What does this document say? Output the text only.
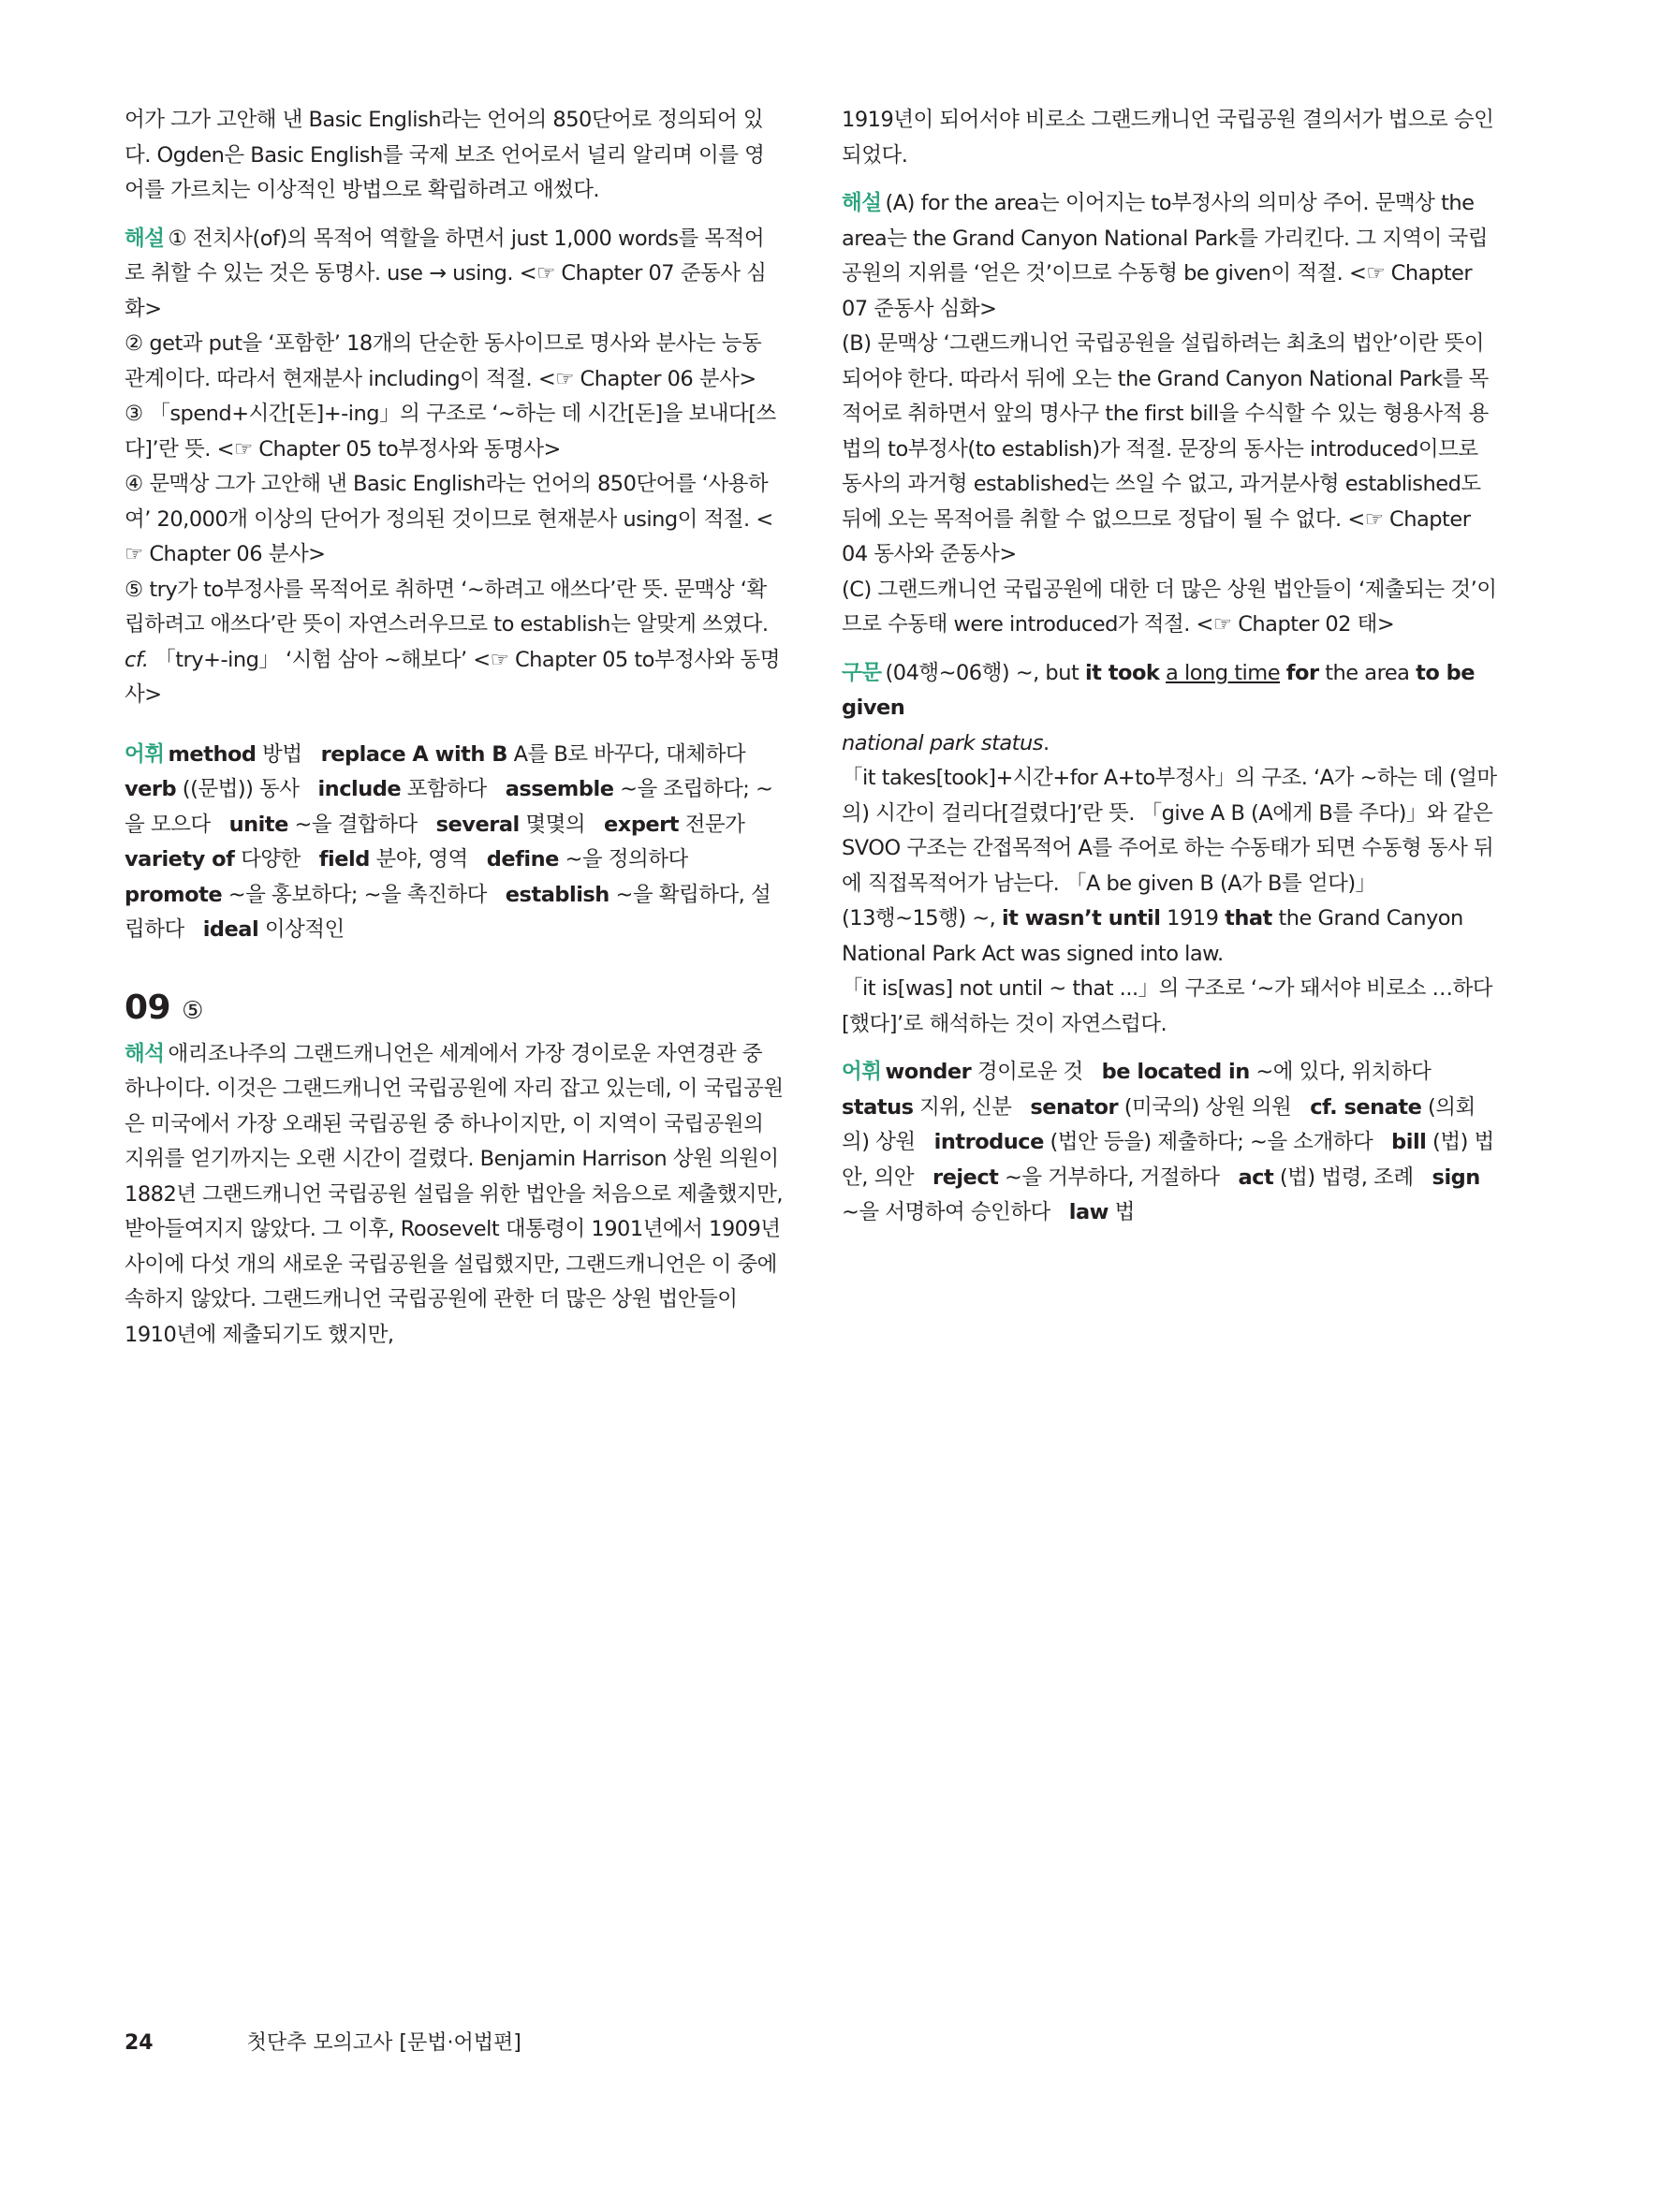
어가 그가 고안해 낸 Basic English라는 언어의 850단어로 정의되어 있다. Ogden은 Basic English를 국제 보조 언어로서 널리 알리며 이를 영어를 가르치는 이상적인 방법으로 확립하려고 애썼다.

해설 ① 전치사(of)의 목적어 역할을 하면서 just 1,000 words를 목적어로 취할 수 있는 것은 동명사. use → using. <☞ Chapter 07 준동사 심화>

② get과 put을 ‘포함한’ 18개의 단순한 동사이므로 명사와 분사는 능동 관계이다. 따라서 현재분사 including이 적절. <☞ Chapter 06 분사>

③ 「spend+시간[돈]+-ing」의 구조로 ‘~하는 데 시간[돈]을 보내다[쓰다]’란 뜻. <☞ Chapter 05 to부정사와 동명사>

④ 문맥상 그가 고안해 낸 Basic English라는 언어의 850단어를 ‘사용하여’ 20,000개 이상의 단어가 정의된 것이므로 현재분사 using이 적절. <☞ Chapter 06 분사>

⑤ try가 to부정사를 목적어로 취하면 ‘~하려고 애쓰다’란 뜻. 문맥상 ‘확립하려고 애쓰다’란 뜻이 자연스러우므로 to establish는 알맞게 쓰였다. cf. 「try+-ing」 ‘시험 삼아 ~해보다’ <☞ Chapter 05 to부정사와 동명사>

어휘 method 방법 replace A with B A를 B로 바꾸다, 대체하다   verb ((문법)) 동사 include 포함하다 assemble ~을 조립하다; ~을 모으다 unite ~을 결합하다 several 몇몇의 expert 전문가   variety of 다양한 field 분야, 영역 define ~을 정의하다   promote ~을 홍보하다; ~을 촉진하다 establish ~을 확립하다, 설립하다 ideal 이상적인

09 ⑤

해석 애리조나주의 그랜드캐니언은 세계에서 가장 경이로운 자연경관 중 하나이다. 이것은 그랜드캐니언 국립공원에 자리 잡고 있는데, 이 국립공원은 미국에서 가장 오래된 국립공원 중 하나이지만, 이 지역이 국립공원의 지위를 얻기까지는 오랜 시간이 걸렸다. Benjamin Harrison 상원 의원이 1882년 그랜드캐니언 국립공원 설립을 위한 법안을 처음으로 제출했지만, 받아들여지지 않았다. 그 이후, Roosevelt 대통령이 1901년에서 1909년 사이에 다섯 개의 새로운 국립공원을 설립했지만, 그랜드캐니언은 이 중에 속하지 않았다. 그랜드캐니언 국립공원에 관한 더 많은 상원 법안들이 1910년에 제출되기도 했지만,

1919년이 되어서야 비로소 그랜드캐니언 국립공원 결의서가 법으로 승인되었다.

해설 (A) for the area는 이어지는 to부정사의 의미상 주어. 문맥상 the area는 the Grand Canyon National Park를 가리킨다. 그 지역이 국립공원의 지위를 ‘얻은 것’이므로 수동형 be given이 적절. <☞ Chapter 07 준동사 심화>

(B) 문맥상 ‘그랜드캐니언 국립공원을 설립하려는 최초의 법안’이란 뜻이 되어야 한다. 따라서 뒤에 오는 the Grand Canyon National Park를 목적어로 취하면서 앞의 명사구 the first bill을 수식할 수 있는 형용사적 용법의 to부정사(to establish)가 적절. 문장의 동사는 introduced이므로 동사의 과거형 established는 쓰일 수 없고, 과거분사형 established도 뒤에 오는 목적어를 취할 수 없으므로 정답이 될 수 없다. <☞ Chapter 04 동사와 준동사>

(C) 그랜드캐니언 국립공원에 대한 더 많은 상원 법안들이 ‘제출되는 것’이므로 수동태 were introduced가 적절. <☞ Chapter 02 태>

구문 (04행~06행) ~, but it took a long time for the area to be given
national park status.

「it takes[took]+시간+for A+to부정사」의 구조. ‘A가 ~하는 데 (얼마의) 시간이 걸리다[걸렸다]’란 뜻. 「give A B (A에게 B를 주다)」와 같은 SVOO 구조는 간접목적어 A를 주어로 하는 수동태가 되면 수동형 동사 뒤에 직접목적어가 남는다. 「A be given B (A가 B를 얻다)」

(13행~15행) ~, it wasn’t until 1919 that the Grand Canyon National Park Act was signed into law.

「it is[was] not until ~ that ...」의 구조로 ‘~가 돼서야 비로소 …하다[했다]’로 해석하는 것이 자연스럽다.

어휘 wonder 경이로운 것 be located in ~에 있다, 위치하다   status 지위, 신분 senator (미국의) 상원 의원 cf. senate (의회의) 상원 introduce (법안 등을) 제출하다; ~을 소개하다 bill (법) 법안, 의안 reject ~을 거부하다, 거절하다 act (법) 법령, 조례 sign ~을 서명하여 승인하다 law 법

24	첫단추 모의고사 [문법·어법편]
